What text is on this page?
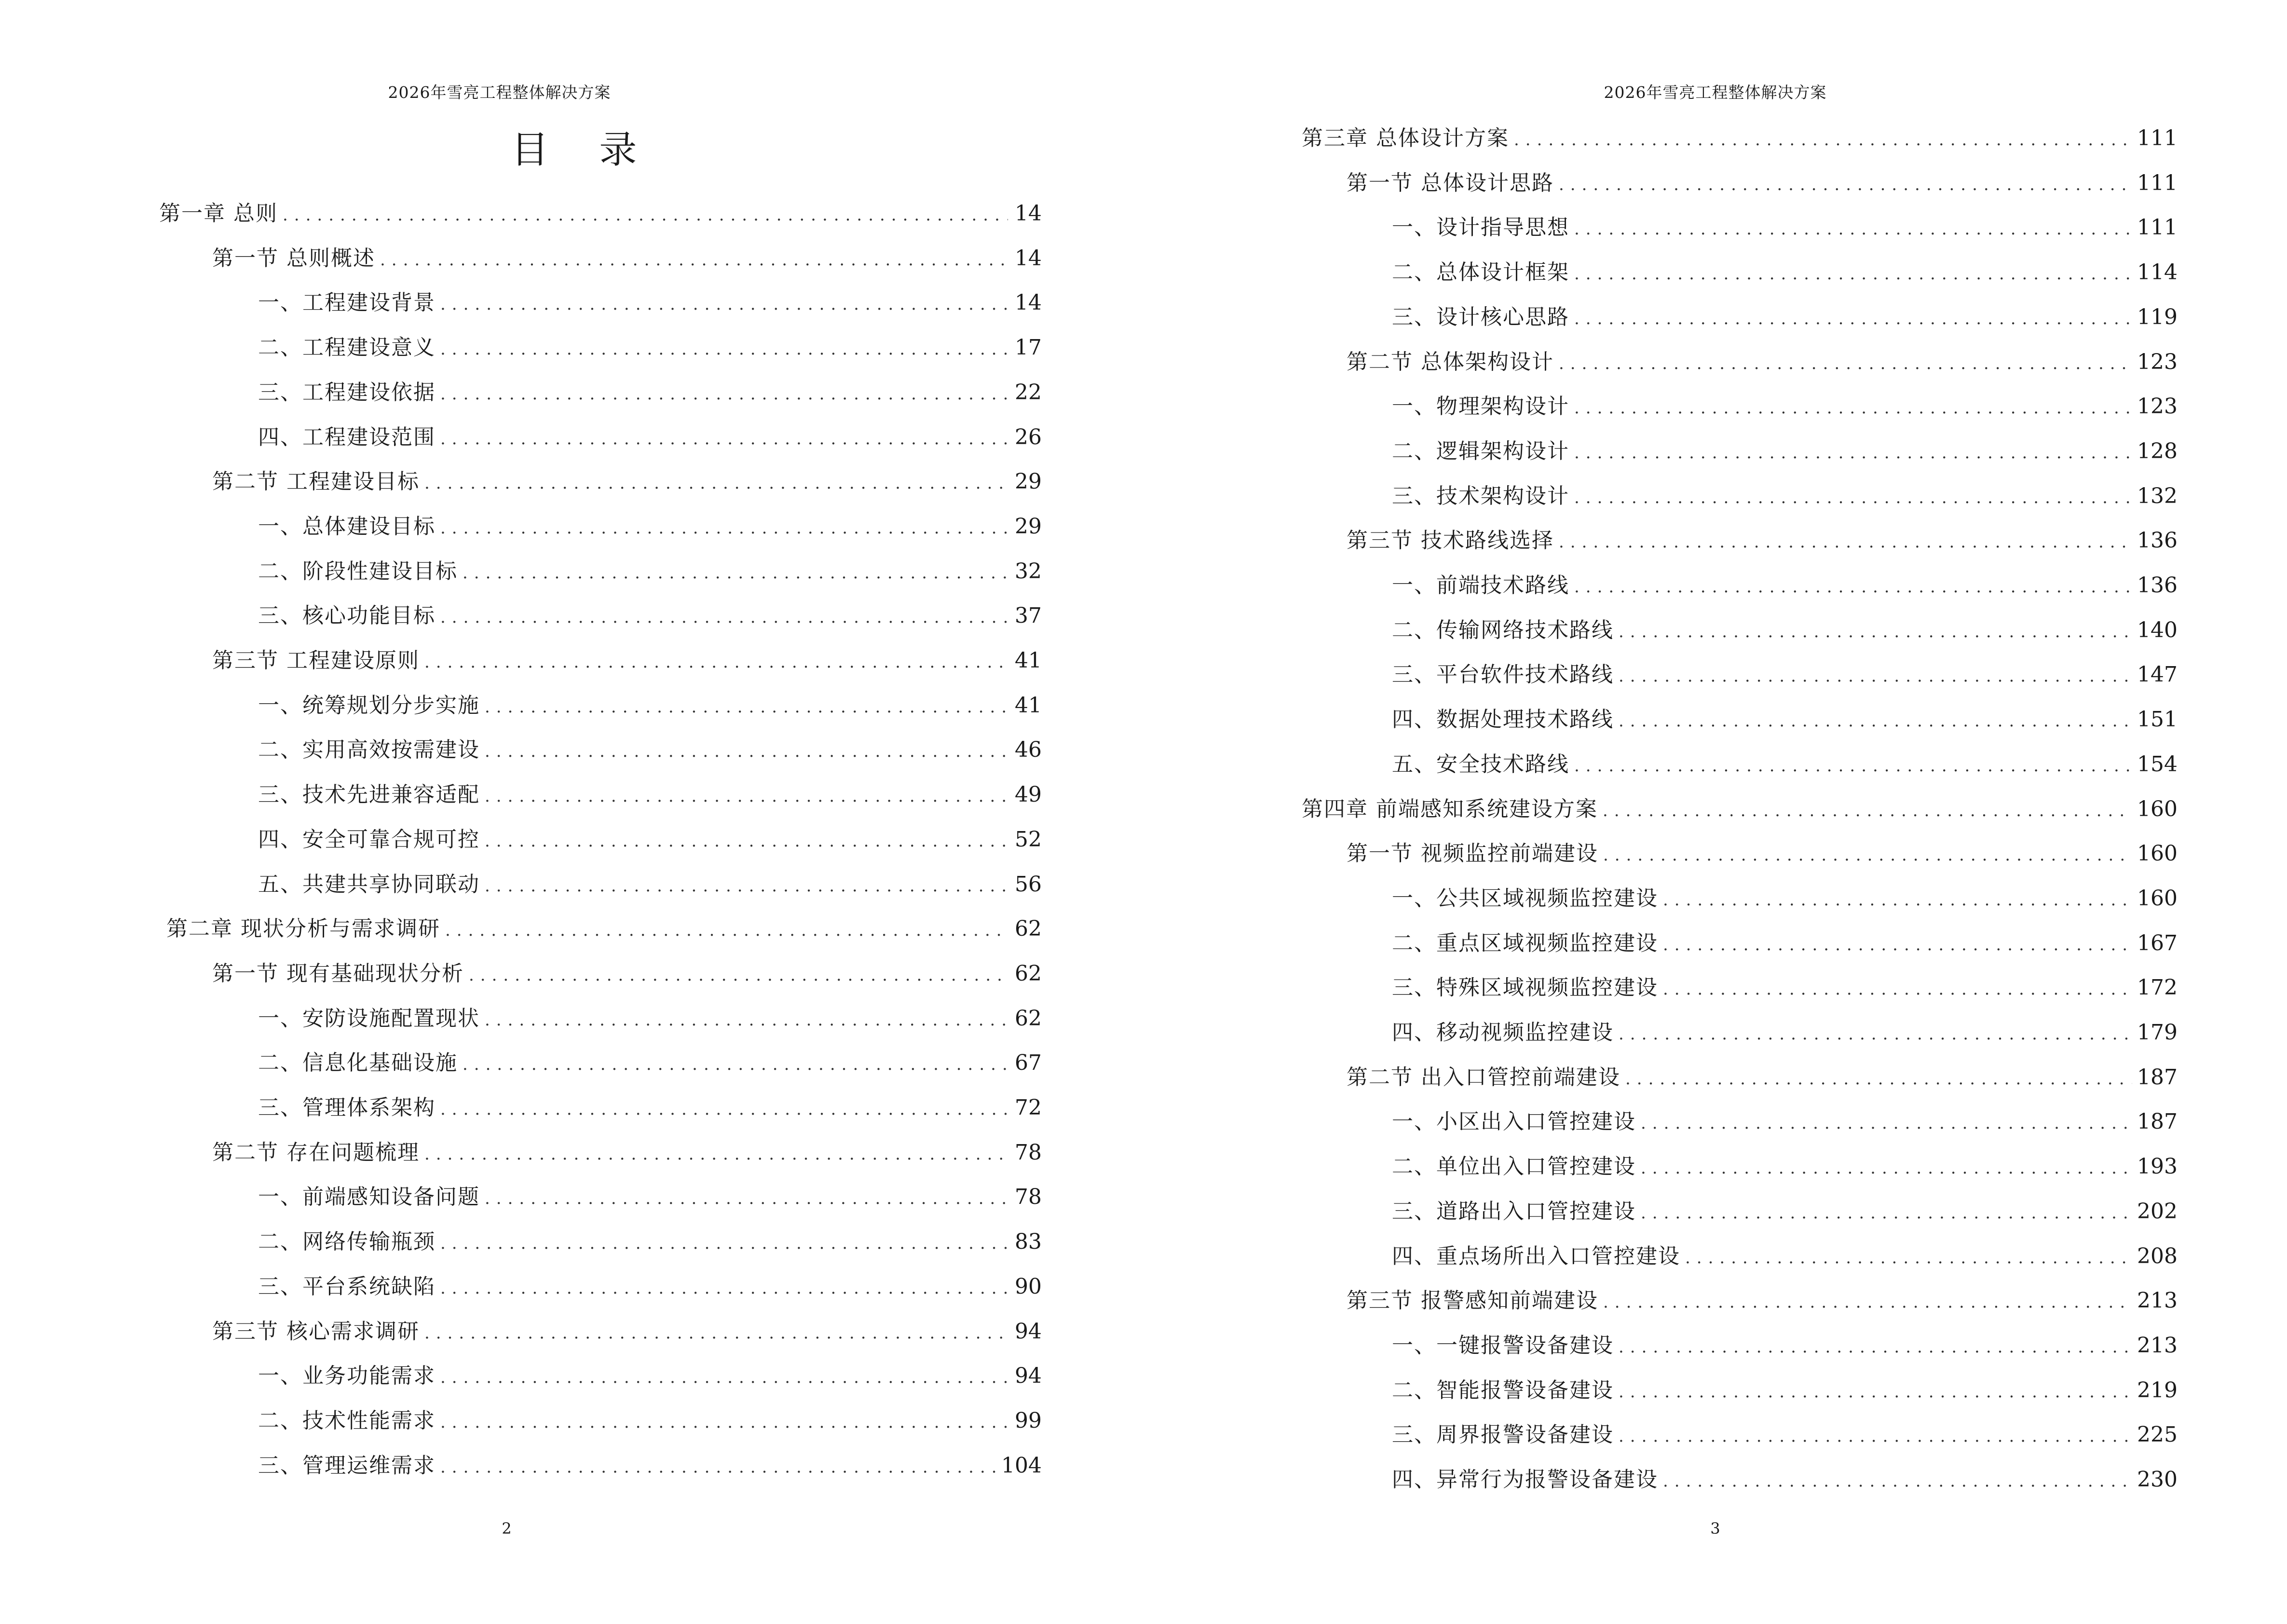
2026年雪亮工程整体解决方案
目 录
第一章 总则 .....	14
第一节 总则概述 .....	14
一、工程建设背景 .....	14
二、工程建设意义 .....	17
三、工程建设依据 .....	22
四、工程建设范围 .....	26
第二节 工程建设目标 .....	29
一、总体建设目标 .....	29
二、阶段性建设目标 .....	32
三、核心功能目标 .....	37
第三节 工程建设原则 .....	41
一、统筹规划分步实施 .....	41
二、实用高效按需建设 .....	46
三、技术先进兼容适配 .....	49
四、安全可靠合规可控 .....	52
五、共建共享协同联动 .....	56
第二章 现状分析与需求调研 .....	62
第一节 现有基础现状分析 .....	62
一、安防设施配置现状 .....	62
二、信息化基础设施 .....	67
三、管理体系架构 .....	72
第二节 存在问题梳理 .....	78
一、前端感知设备问题 .....	78
二、网络传输瓶颈 .....	83
三、平台系统缺陷 .....	90
第三节 核心需求调研 .....	94
一、业务功能需求 .....	94
二、技术性能需求 .....	99
三、管理运维需求 .....	104
2
2026年雪亮工程整体解决方案
第三章 总体设计方案 .....	111
第一节 总体设计思路 .....	111
一、设计指导思想 .....	111
二、总体设计框架 .....	114
三、设计核心思路 .....	119
第二节 总体架构设计 .....	123
一、物理架构设计 .....	123
二、逻辑架构设计 .....	128
三、技术架构设计 .....	132
第三节 技术路线选择 .....	136
一、前端技术路线 .....	136
二、传输网络技术路线 .....	140
三、平台软件技术路线 .....	147
四、数据处理技术路线 .....	151
五、安全技术路线 .....	154
第四章 前端感知系统建设方案 .....	160
第一节 视频监控前端建设 .....	160
一、公共区域视频监控建设 .....	160
二、重点区域视频监控建设 .....	167
三、特殊区域视频监控建设 .....	172
四、移动视频监控建设 .....	179
第二节 出入口管控前端建设 .....	187
一、小区出入口管控建设 .....	187
二、单位出入口管控建设 .....	193
三、道路出入口管控建设 .....	202
四、重点场所出入口管控建设 .....	208
第三节 报警感知前端建设 .....	213
一、一键报警设备建设 .....	213
二、智能报警设备建设 .....	219
三、周界报警设备建设 .....	225
四、异常行为报警设备建设 .....	230
3
